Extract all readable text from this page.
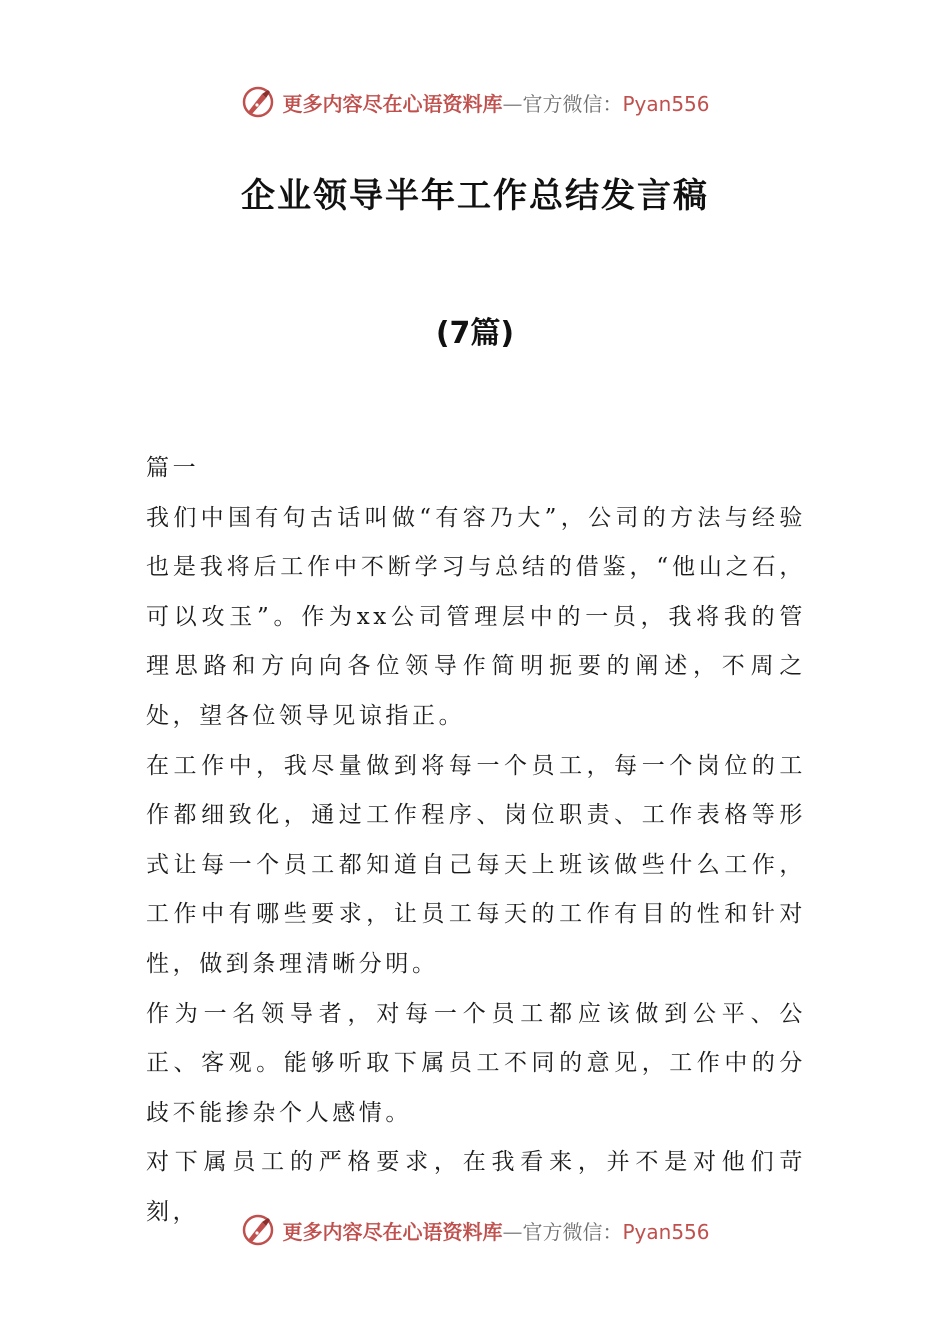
更多内容尽在心语资料库—官方微信：Pyan556
企业领导半年工作总结发言稿
(7篇)

篇一

我们中国有句古话叫做“有容乃大”，公司的方法与经验也是我将后工作中不断学习与总结的借鉴，“他山之石，可以攻玉”。作为xx公司管理层中的一员，我将我的管理思路和方向向各位领导作简明扼要的阐述，不周之处，望各位领导见谅指正。

在工作中，我尽量做到将每一个员工，每一个岗位的工作都细致化，通过工作程序、岗位职责、工作表格等形式让每一个员工都知道自己每天上班该做些什么工作，工作中有哪些要求，让员工每天的工作有目的性和针对性，做到条理清晰分明。

作为一名领导者，对每一个员工都应该做到公平、公正、客观。能够听取下属员工不同的意见，工作中的分歧不能掺杂个人感情。

对下属员工的严格要求，在我看来，并不是对他们苛刻，

更多内容尽在心语资料库—官方微信：Pyan556
